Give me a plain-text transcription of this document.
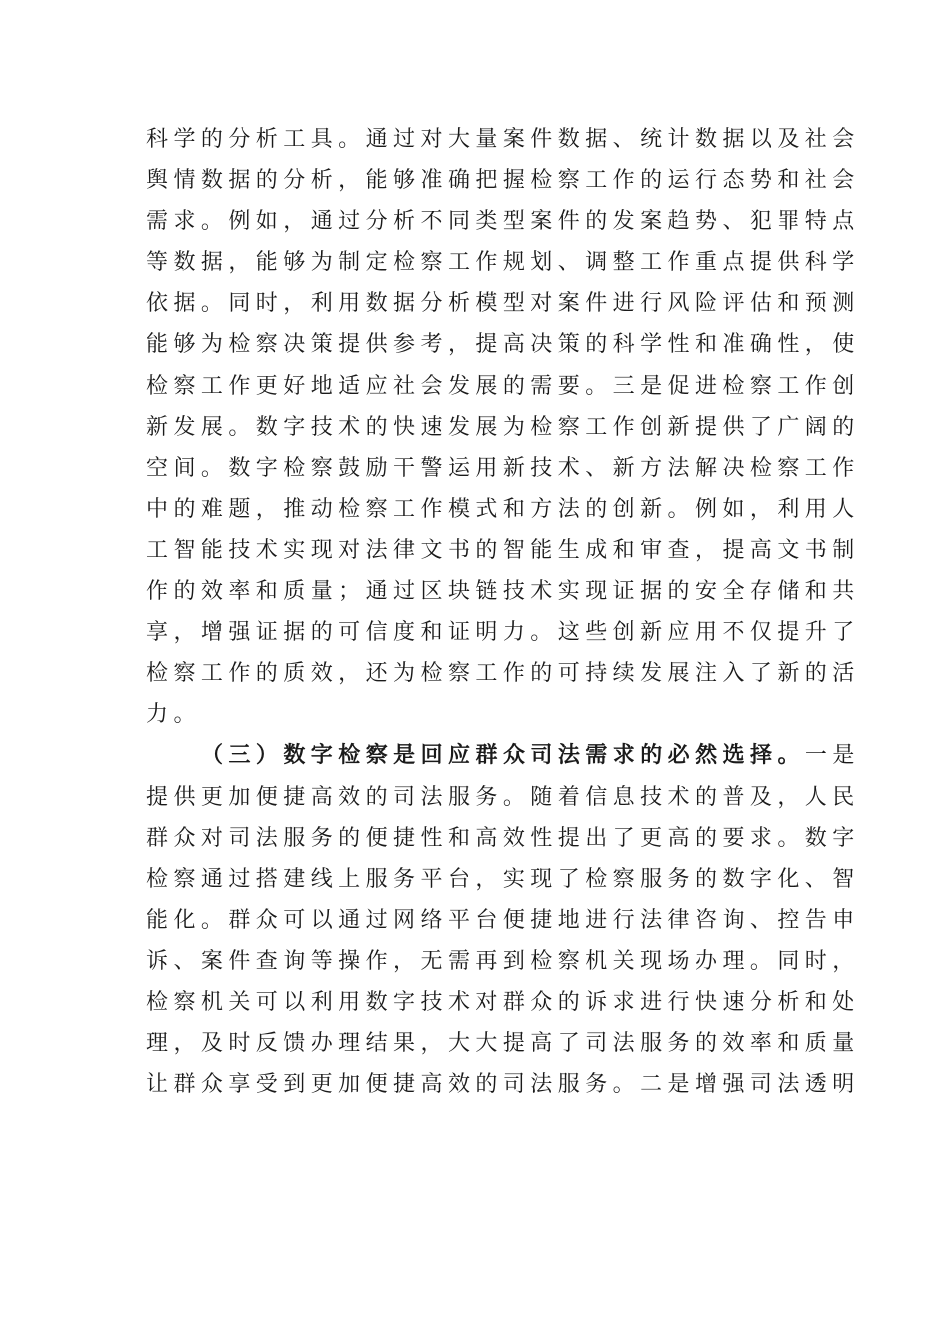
科学的分析工具。通过对大量案件数据、统计数据以及社会
舆情数据的分析，能够准确把握检察工作的运行态势和社会
需求。例如，通过分析不同类型案件的发案趋势、犯罪特点
等数据，能够为制定检察工作规划、调整工作重点提供科学
依据。同时，利用数据分析模型对案件进行风险评估和预测
能够为检察决策提供参考，提高决策的科学性和准确性，使
检察工作更好地适应社会发展的需要。三是促进检察工作创
新发展。数字技术的快速发展为检察工作创新提供了广阔的
空间。数字检察鼓励干警运用新技术、新方法解决检察工作
中的难题，推动检察工作模式和方法的创新。例如，利用人
工智能技术实现对法律文书的智能生成和审查，提高文书制
作的效率和质量；通过区块链技术实现证据的安全存储和共
享，增强证据的可信度和证明力。这些创新应用不仅提升了
检察工作的质效，还为检察工作的可持续发展注入了新的活
力。
（三）数字检察是回应群众司法需求的必然选择。一是
提供更加便捷高效的司法服务。随着信息技术的普及，人民
群众对司法服务的便捷性和高效性提出了更高的要求。数字
检察通过搭建线上服务平台，实现了检察服务的数字化、智
能化。群众可以通过网络平台便捷地进行法律咨询、控告申
诉、案件查询等操作，无需再到检察机关现场办理。同时，
检察机关可以利用数字技术对群众的诉求进行快速分析和处
理，及时反馈办理结果，大大提高了司法服务的效率和质量
让群众享受到更加便捷高效的司法服务。二是增强司法透明
